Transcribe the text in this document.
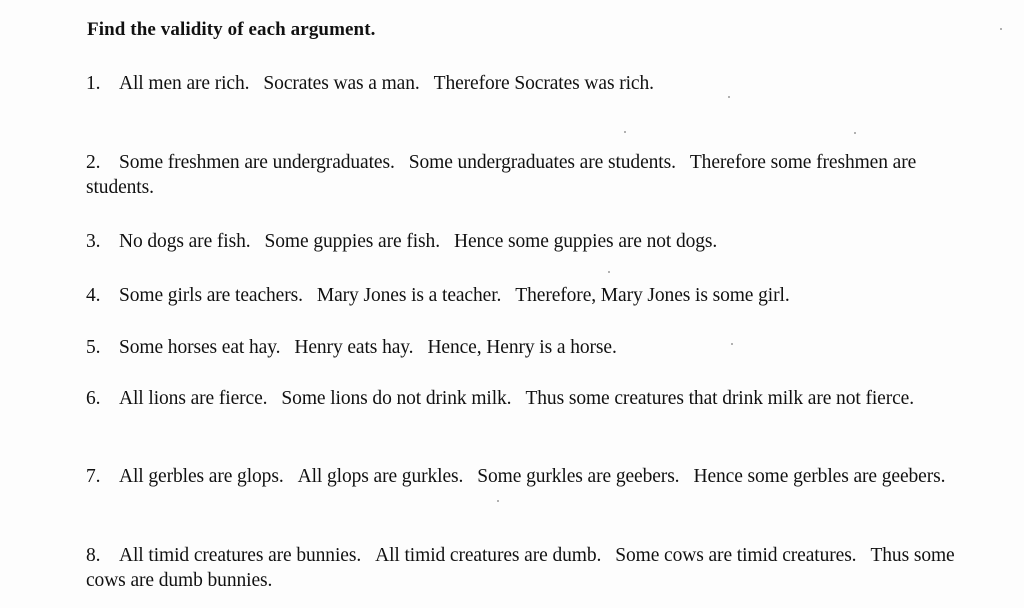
Find the validity of each argument.
1. All men are rich. Socrates was a man. Therefore Socrates was rich.
2. Some freshmen are undergraduates. Some undergraduates are students. Therefore some freshmen are students.
3. No dogs are fish. Some guppies are fish. Hence some guppies are not dogs.
4. Some girls are teachers. Mary Jones is a teacher. Therefore, Mary Jones is some girl.
5. Some horses eat hay. Henry eats hay. Hence, Henry is a horse.
6. All lions are fierce. Some lions do not drink milk. Thus some creatures that drink milk are not fierce.
7. All gerbles are glops. All glops are gurkles. Some gurkles are geebers. Hence some gerbles are geebers.
8. All timid creatures are bunnies. All timid creatures are dumb. Some cows are timid creatures. Thus some cows are dumb bunnies.
